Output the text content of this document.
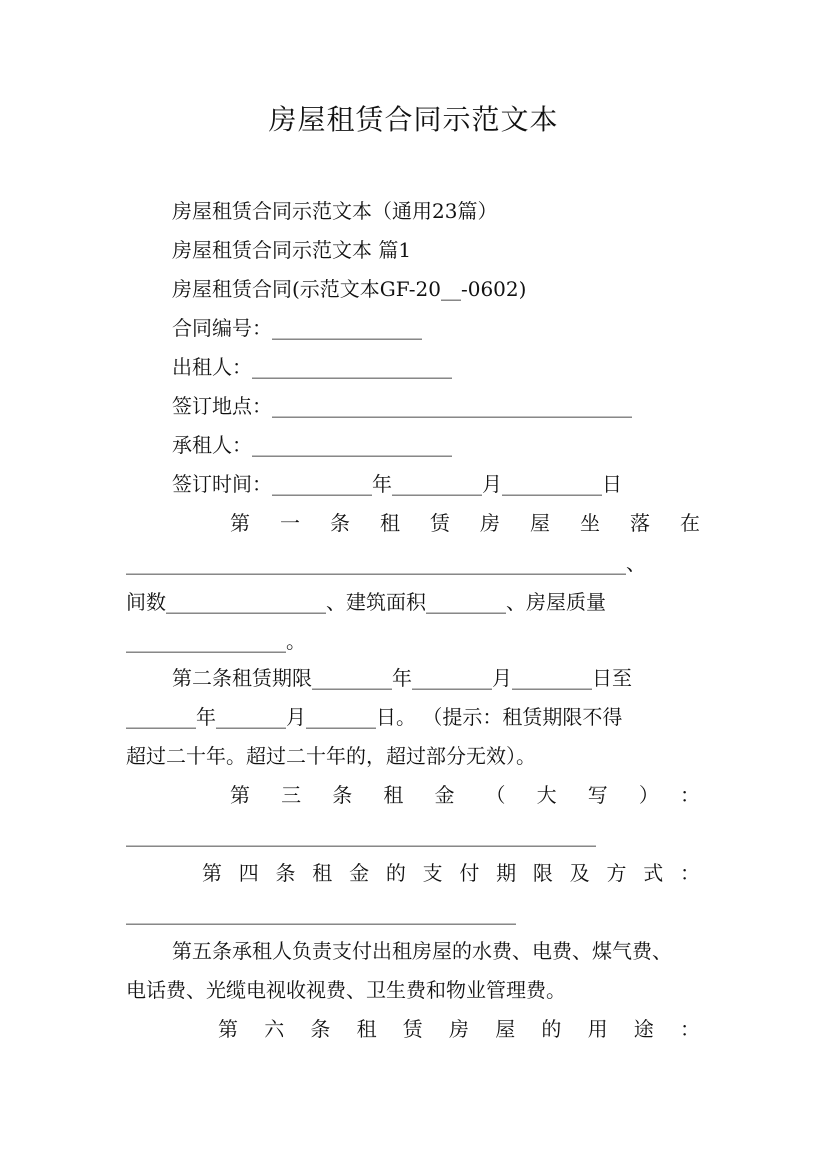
房屋租赁合同示范文本
房屋租赁合同示范文本（通用23篇）
房屋租赁合同示范文本 篇1
房屋租赁合同(示范文本GF-20__-0602)
合同编号：_______________
出租人：____________________
签订地点：____________________________________
承租人：____________________
签订时间：__________年_________月__________日
第一条租赁房屋坐落在
__________________________________________________、
间数________________、建筑面积________、房屋质量
________________。
第二条租赁期限________年________月________日至
_______年_______月_______日。 （提示：租赁期限不得
超过二十年。超过二十年的，超过部分无效）。
第三条租金（大写）：
_______________________________________________
第四条租金的支付期限及方式：
_______________________________________
第五条承租人负责支付出租房屋的水费、电费、煤气费、
电话费、光缆电视收视费、卫生费和物业管理费。
第六条租赁房屋的用途：
